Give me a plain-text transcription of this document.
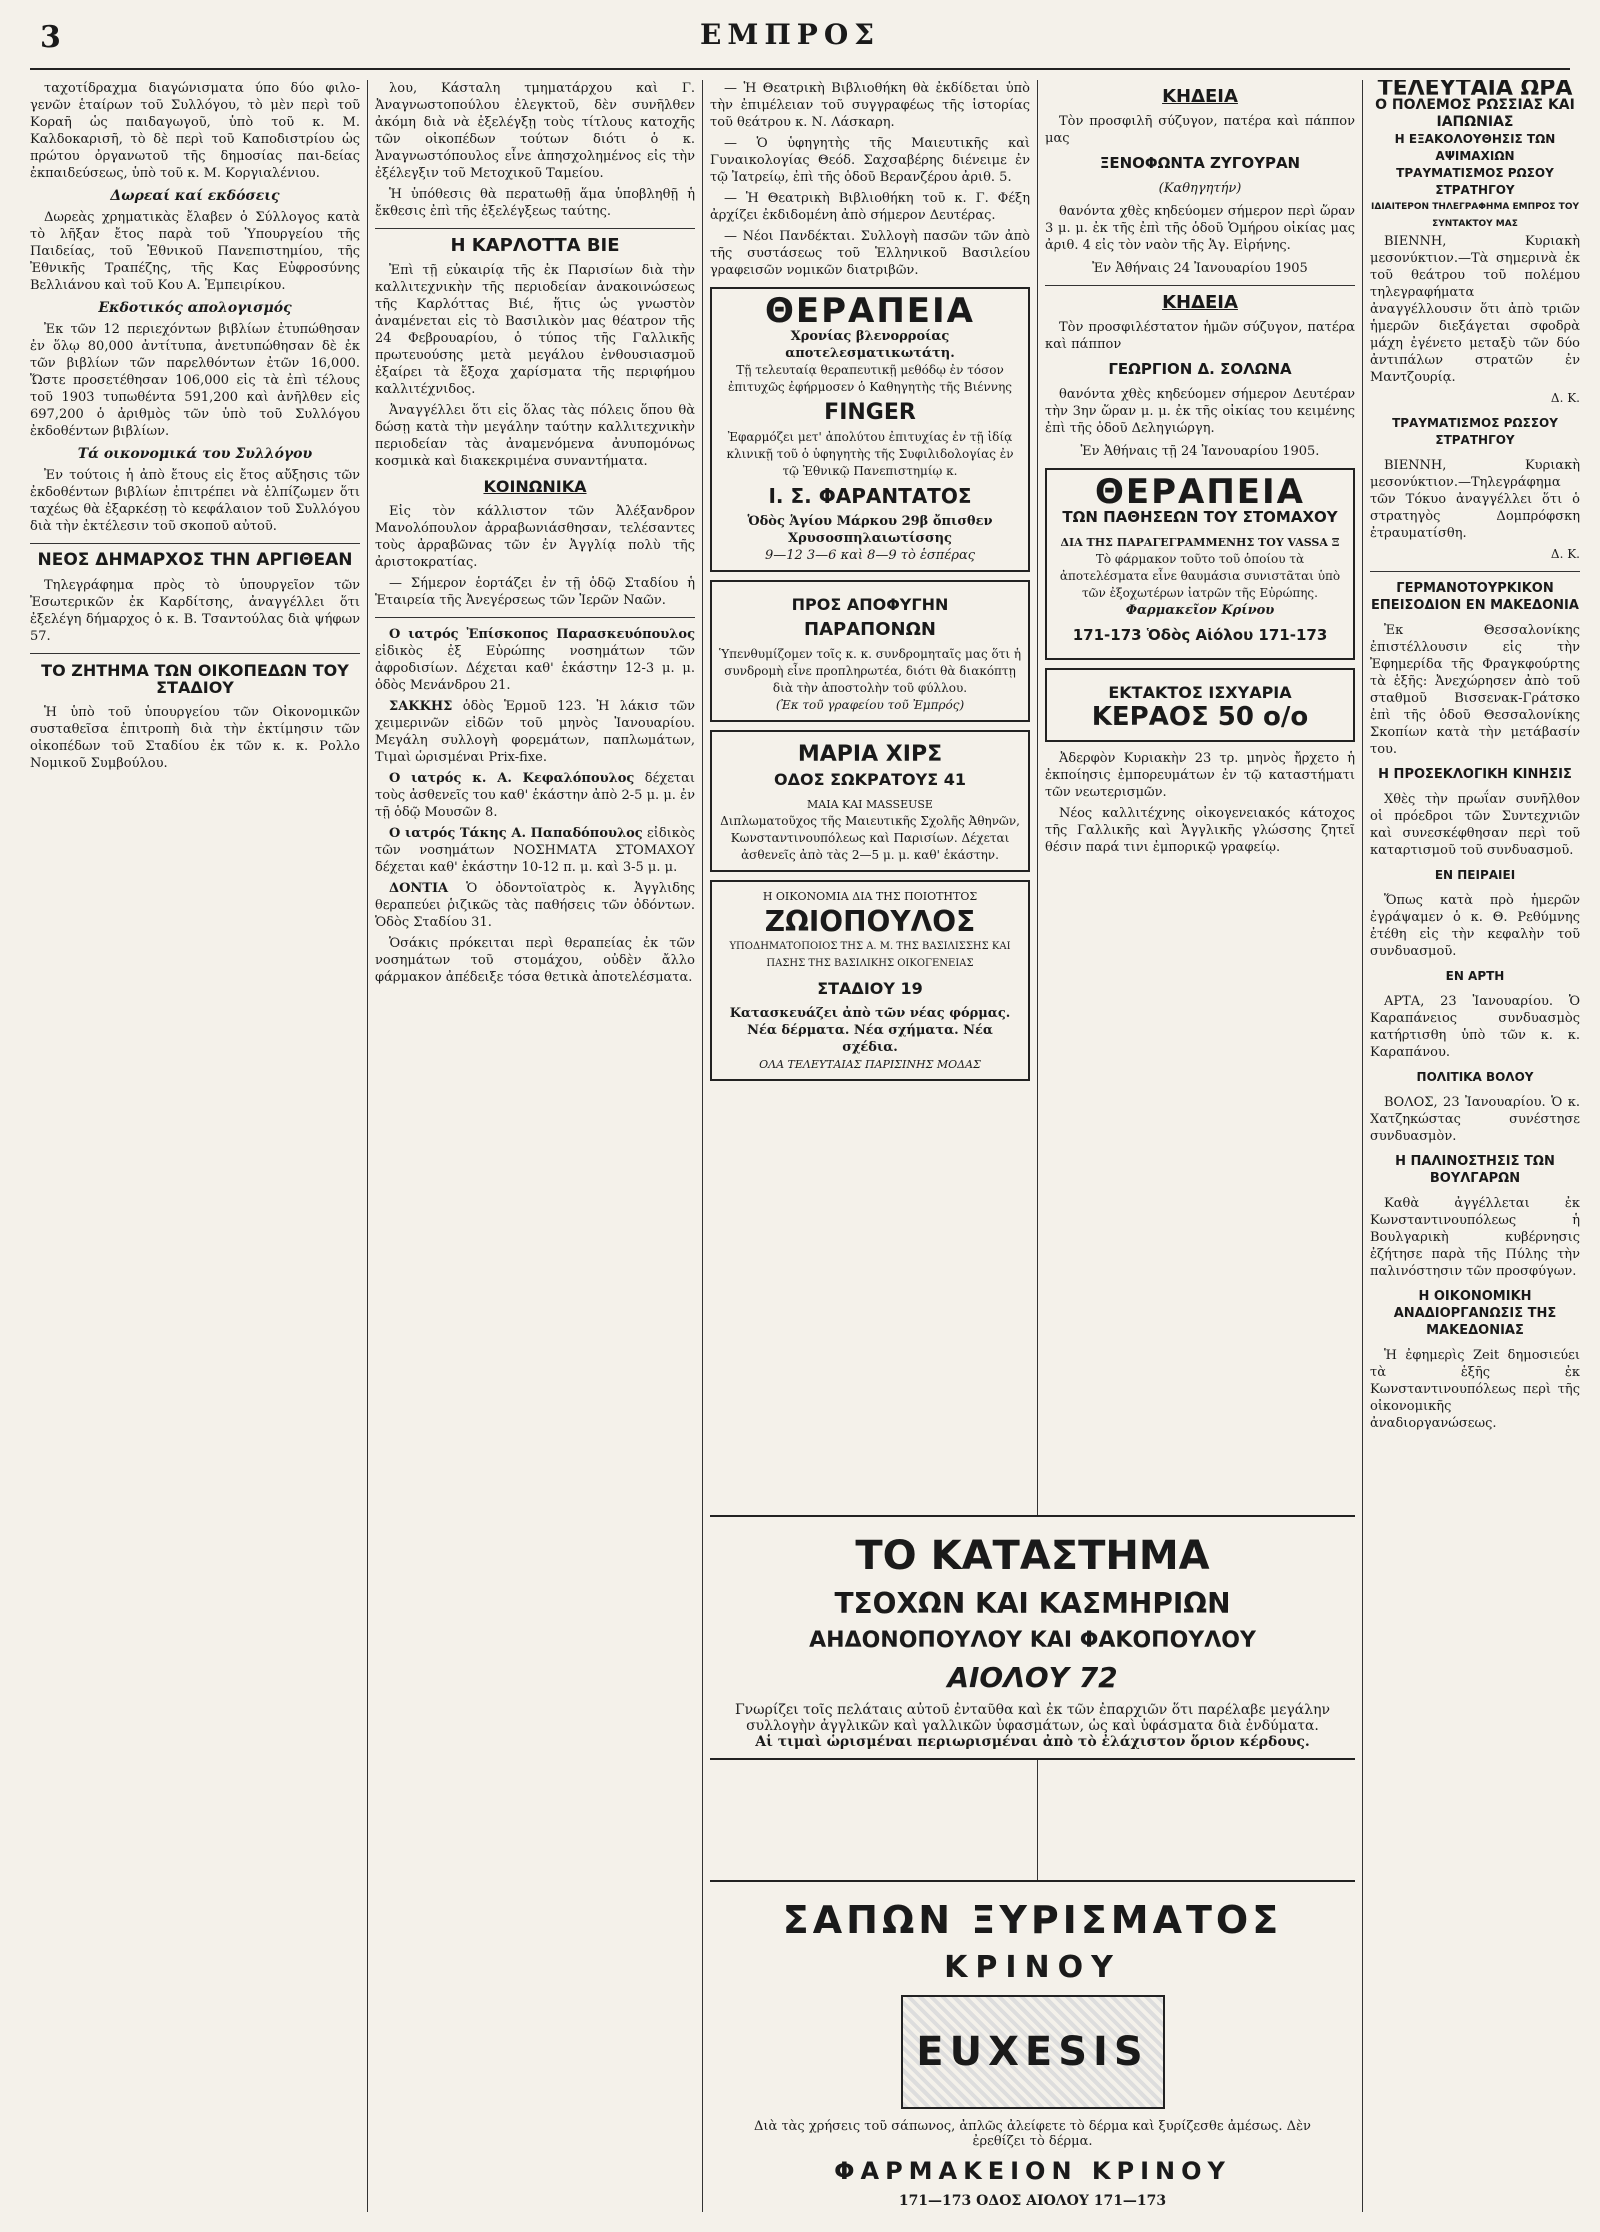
3	ΕΜΠΡΟΣ

ταχοτίδραχμα διαγώνισματα ύπο δύο φιλο-γενῶν ἑταίρων τοῦ Συλλόγου, τὸ μὲν περὶ τοῦ Κοραῆ ὡς παιδαγωγοῦ, ὑπὸ τοῦ κ. Μ. Καλδοκαρισῆ, τὸ δὲ περὶ τοῦ Καποδιστρίου ὡς πρώτου ὀργανωτοῦ τῆς δημοσίας παι-δείας ἐκπαιδεύσεως, ὑπὸ τοῦ κ. Μ. Κοργιαλένιου.

Δωρεαί καί εκδόσεις

Δωρεὰς χρηματικὰς ἔλαβεν ὁ Σύλλογος κατὰ τὸ λῆξαν ἔτος παρὰ τοῦ Ὑπουργείου τῆς Παιδείας, τοῦ Ἐθνικοῦ Πανεπιστημίου, τῆς Ἐθνικῆς Τραπέζης, τῆς Κας Εὐφροσύνης Βελλιάνου καὶ τοῦ Κου Α. Ἐμπειρίκου.

Εκδοτικός απολογισμός

Ἐκ τῶν 12 περιεχόντων βιβλίων ἐτυπώθησαν ἐν ὅλῳ 80,000 ἀντίτυπα, ἀνετυπώθησαν δὲ ἐκ τῶν βιβλίων τῶν παρελθόντων ἐτῶν 16,000. Ὥστε προσετέθησαν 106,000 εἰς τὰ ἐπὶ τέλους τοῦ 1903 τυπωθέντα 591,200 καὶ ἀνῆλθεν εἰς 697,200 ὁ ἀριθμὸς τῶν ὑπὸ τοῦ Συλλόγου ἐκδοθέντων βιβλίων.

Τά οικονομικά του Συλλόγου

Ἐν τούτοις ἡ ἀπὸ ἔτους εἰς ἔτος αὔξησις τῶν ἐκδοθέντων βιβλίων ἐπιτρέπει νὰ ἐλπίζωμεν ὅτι ταχέως θὰ ἐξαρκέσῃ τὸ κεφάλαιον τοῦ Συλλόγου διὰ τὴν ἐκτέλεσιν τοῦ σκοποῦ αὐτοῦ.

ΝΕΟΣ ΔΗΜΑΡΧΟΣ ΤΗΝ ΑΡΓΙΘΕΑΝ

Τηλεγράφημα πρὸς τὸ ὑπουργεῖον τῶν Ἐσωτερικῶν ἐκ Καρδίτσης, ἀναγγέλλει ὅτι ἐξελέγη δήμαρχος ὁ κ. Β. Τσαντούλας διὰ ψήφων 57.

ΤΟ ΖΗΤΗΜΑ ΤΩΝ ΟΙΚΟΠΕΔΩΝ ΤΟΥ ΣΤΑΔΙΟΥ

Ἡ ὑπὸ τοῦ ὑπουργείου τῶν Οἰκονομικῶν συσταθεῖσα ἐπιτροπὴ διὰ τὴν ἐκτίμησιν τῶν οἰκοπέδων τοῦ Σταδίου ἐκ τῶν κ. κ. Ρολλο Νομικοῦ Συμβούλου.

λου, Κάσταλη τμηματάρχου καὶ Γ. Ἀναγνωστοπούλου ἐλεγκτοῦ, δὲν συνῆλθεν ἀκόμη διὰ νὰ ἐξελέγξῃ τοὺς τίτλους κατοχῆς τῶν οἰκοπέδων τούτων διότι ὁ κ. Ἀναγνωστόπουλος εἶνε ἀπησχολημένος εἰς τὴν ἐξέλεγξιν τοῦ Μετοχικοῦ Ταμείου.

Ἡ ὑπόθεσις θὰ περατωθῇ ἅμα ὑποβληθῇ ἡ ἔκθεσις ἐπὶ τῆς ἐξελέγξεως ταύτης.

Η ΚΑΡΛΟΤΤΑ ΒΙΕ

Ἐπὶ τῇ εὐκαιρίᾳ τῆς ἐκ Παρισίων διὰ τὴν καλλιτεχνικὴν τῆς περιοδείαν ἀνακοινώσεως τῆς Καρλόττας Βιέ, ἥτις ὡς γνωστὸν ἀναμένεται εἰς τὸ Βασιλικὸν μας θέατρον τῆς 24 Φεβρουαρίου, ὁ τύπος τῆς Γαλλικῆς πρωτευούσης μετὰ μεγάλου ἐνθουσιασμοῦ ἐξαίρει τὰ ἔξοχα χαρίσματα τῆς περιφήμου καλλιτέχνιδος.

Ἀναγγέλλει ὅτι εἰς ὅλας τὰς πόλεις ὅπου θὰ δώσῃ κατὰ τὴν μεγάλην ταύτην καλλιτεχνικὴν περιοδείαν τὰς ἀναμενόμενα ἀνυπομόνως κοσμικὰ καὶ διακεκριμένα συναντήματα.

ΚΟΙΝΩΝΙΚΑ

Εἰς τὸν κάλλιστον τῶν Ἀλέξανδρον Μανολόπουλον ἀρραβωνιάσθησαν, τελέσαντες τοὺς ἀρραβῶνας τῶν ἐν Ἀγγλίᾳ πολὺ τῆς ἀριστοκρατίας.

— Σήμερον ἑορτάζει ἐν τῇ ὁδῷ Σταδίου ἡ Ἑταιρεία τῆς Ἀνεγέρσεως τῶν Ἱερῶν Ναῶν.

Ο ιατρός Ἐπίσκοπος Παρασκευόπουλος εἰδικὸς ἐξ Εὐρώπης νοσημάτων τῶν ἀφροδισίων. Δέχεται καθ' ἑκάστην 12-3 μ. μ. ὁδὸς Μενάνδρου 21.

ΣΑΚΚΗΣ ὁδὸς Ἑρμοῦ 123. Ἡ λάκισ τῶν χειμερινῶν εἰδῶν τοῦ μηνὸς Ἰανουαρίου. Μεγάλη συλλογὴ φορεμάτων, παπλωμάτων, Τιμαὶ ὡρισμέναι Prix-fixe.

Ο ιατρός κ. Α. Κεφαλόπουλος δέχεται τοὺς ἀσθενεῖς του καθ' ἑκάστην ἀπὸ 2-5 μ. μ. ἐν τῇ ὁδῷ Μουσῶν 8.

Ο ιατρός Τάκης Α. Παπαδόπουλος εἰδικὸς τῶν νοσημάτων ΝΟΣΗΜΑΤΑ ΣΤΟΜΑΧΟΥ δέχεται καθ' ἑκάστην 10-12 π. μ. καὶ 3-5 μ. μ.

ΔΟΝΤΙΑ Ὁ ὀδοντοϊατρὸς κ. Ἀγγλιδης θεραπεύει ῥιζικῶς τὰς παθήσεις τῶν ὀδόντων. Ὁδὸς Σταδίου 31.

Ὁσάκις πρόκειται περὶ θεραπείας ἐκ τῶν νοσημάτων τοῦ στομάχου, οὐδὲν ἄλλο φάρμακον ἀπέδειξε τόσα θετικὰ ἀποτελέσματα.

— Ἡ Θεατρικὴ Βιβλιοθήκη θὰ ἐκδίδεται ὑπὸ τὴν ἐπιμέλειαν τοῦ συγγραφέως τῆς ἱστορίας τοῦ θεάτρου κ. Ν. Λάσκαρη.

— Ὁ ὑφηγητὴς τῆς Μαιευτικῆς καὶ Γυναικολογίας Θεόδ. Σαχσαβέρης διένειμε ἐν τῷ Ἰατρείῳ, ἐπὶ τῆς ὁδοῦ Βερανζέρου ἀριθ. 5.

— Ἡ Θεατρικὴ Βιβλιοθήκη τοῦ κ. Γ. Φέξη ἀρχίζει ἐκδιδομένη ἀπὸ σήμερον Δευτέρας.

— Νέοι Πανδέκται. Συλλογὴ πασῶν τῶν ἀπὸ τῆς συστάσεως τοῦ Ἑλληνικοῦ Βασιλείου γραφεισῶν νομικῶν διατριβῶν.

ΘΕΡΑΠΕΙΑ
Χρονίας βλενορροίας αποτελεσματικωτάτη.
Τῇ τελευταίᾳ θεραπευτικῇ μεθόδῳ ἐν τόσον ἐπιτυχῶς ἐφήρμοσεν ὁ Καθηγητὴς τῆς Βιέννης
FINGER
Ἐφαρμόζει μετ' ἀπολύτου ἐπιτυχίας ἐν τῇ ἰδίᾳ κλινικῇ τοῦ ὁ ὑφηγητὴς τῆς Συφιλιδολογίας ἐν τῷ Ἐθνικῷ Πανεπιστημίῳ κ.
Ι. Σ. ΦΑΡΑΝΤΑΤΟΣ
Ὁδὸς Ἁγίου Μάρκου 29β ὄπισθεν Χρυσοσπηλαιωτίσσης
9—12 3—6 καὶ 8—9 τὸ ἑσπέρας
ΠΡΟΣ ΑΠΟΦΥΓΗΝ
ΠΑΡΑΠΟΝΩΝ
Ὑπενθυμίζομεν τοῖς κ. κ. συνδρομηταῖς μας ὅτι ἡ συνδρομὴ εἶνε προπληρωτέα, διότι θὰ διακόπτῃ διὰ τὴν ἀποστολὴν τοῦ φύλλου.
(Ἐκ τοῦ γραφείου τοῦ Ἐμπρός)
ΜΑΡΙΑ ΧΙΡΣ
ΟΔΟΣ ΣΩΚΡΑΤΟΥΣ 41
ΜΑΙΑ ΚΑΙ MASSEUSE
Διπλωματοῦχος τῆς Μαιευτικῆς Σχολῆς Ἀθηνῶν, Κωνσταντινουπόλεως καὶ Παρισίων. Δέχεται ἀσθενεῖς ἀπὸ τὰς 2—5 μ. μ. καθ' ἑκάστην.
Η ΟΙΚΟΝΟΜΙΑ ΔΙΑ ΤΗΣ ΠΟΙΟΤΗΤΟΣ
ΖΩΙΟΠΟΥΛΟΣ
ΥΠΟΔΗΜΑΤΟΠΟΙΟΣ ΤΗΣ Α. Μ. ΤΗΣ ΒΑΣΙΛΙΣΣΗΣ ΚΑΙ ΠΑΣΗΣ ΤΗΣ ΒΑΣΙΛΙΚΗΣ ΟΙΚΟΓΕΝΕΙΑΣ
ΣΤΑΔΙΟΥ 19
Κατασκευάζει ἀπὸ τῶν νέας φόρμας. Νέα δέρματα. Νέα σχήματα. Νέα σχέδια.
ΟΛΑ ΤΕΛΕΥΤΑΙΑΣ ΠΑΡΙΣΙΝΗΣ ΜΟΔΑΣ
ΚΗΔΕΙΑ

Τὸν προσφιλῆ σύζυγον, πατέρα καὶ πάππον μας

ΞΕΝΟΦΩΝΤΑ ΖΥΓΟΥΡΑΝ
(Καθηγητήν)

θανόντα χθὲς κηδεύομεν σήμερον περὶ ὥραν 3 μ. μ. ἐκ τῆς ἐπὶ τῆς ὁδοῦ Ὁμήρου οἰκίας μας ἀριθ. 4 εἰς τὸν ναὸν τῆς Ἁγ. Εἰρήνης.

Ἐν Ἀθήναις 24 Ἰανουαρίου 1905
ΚΗΔΕΙΑ

Τὸν προσφιλέστατον ἡμῶν σύζυγον, πατέρα καὶ πάππον

ΓΕΩΡΓΙΟΝ Δ. ΣΟΛΩΝΑ

θανόντα χθὲς κηδεύομεν σήμερον Δευτέραν τὴν 3ην ὥραν μ. μ. ἐκ τῆς οἰκίας του κειμένης ἐπὶ τῆς ὁδοῦ Δεληγιώργη.

Ἐν Ἀθήναις τῇ 24 Ἰανουαρίου 1905.
ΘΕΡΑΠΕΙΑ
ΤΩΝ ΠΑΘΗΣΕΩΝ ΤΟΥ ΣΤΟΜΑΧΟΥ
ΔΙΑ ΤΗΣ ΠΑΡΑΓΕΓΡΑΜΜΕΝΗΣ ΤΟΥ VASSA Ξ
Τὸ φάρμακον τοῦτο τοῦ ὁποίου τὰ ἀποτελέσματα εἶνε θαυμάσια συνιστᾶται ὑπὸ τῶν ἐξοχωτέρων ἰατρῶν τῆς Εὐρώπης.
Φαρμακεῖον Κρίνου
171-173 Ὁδὸς Αἰόλου 171-173
ΕΚΤΑΚΤΟΣ ΙΣΧΥΑΡΙΑ
ΚΕΡΑΟΣ 50 ο/ο

Ἀδερφὸν Κυριακὴν 23 τρ. μηνὸς ἤρχετο ἡ ἐκποίησις ἐμπορευμάτων ἐν τῷ καταστήματι τῶν νεωτερισμῶν.

Νέος καλλιτέχνης οἰκογενειακός κάτοχος τῆς Γαλλικῆς καὶ Ἀγγλικῆς γλώσσης ζητεῖ θέσιν παρά τινι ἐμπορικῷ γραφείῳ.

ΤΕΛΕΥΤΑΙΑ ΩΡΑ
Ο ΠΟΛΕΜΟΣ ΡΩΣΣΙΑΣ ΚΑΙ ΙΑΠΩΝΙΑΣ
Η ΕΞΑΚΟΛΟΥΘΗΣΙΣ ΤΩΝ ΑΨΙΜΑΧΙΩΝ
ΤΡΑΥΜΑΤΙΣΜΟΣ ΡΩΣΟΥ ΣΤΡΑΤΗΓΟΥ
ΙΔΙΑΙΤΕΡΟΝ ΤΗΛΕΓΡΑΦΗΜΑ ΕΜΠΡΟΣ ΤΟΥ ΣΥΝΤΑΚΤΟΥ ΜΑΣ

ΒΙΕΝΝΗ, Κυριακὴ μεσονύκτιον.—Τὰ σημερινὰ ἐκ τοῦ θεάτρου τοῦ πολέμου τηλεγραφήματα ἀναγγέλλουσιν ὅτι ἀπὸ τριῶν ἡμερῶν διεξάγεται σφοδρὰ μάχη ἐγένετο μεταξὺ τῶν δύο ἀντιπάλων στρατῶν ἐν Μαντζουρίᾳ.

Δ. Κ.
ΤΡΑΥΜΑΤΙΣΜΟΣ ΡΩΣΣΟΥ ΣΤΡΑΤΗΓΟΥ

ΒΙΕΝΝΗ, Κυριακὴ μεσονύκτιον.—Τηλεγράφημα τῶν Τόκυο ἀναγγέλλει ὅτι ὁ στρατηγὸς Δομπρόφσκη ἐτραυματίσθη.

Δ. Κ.
ΓΕΡΜΑΝΟΤΟΥΡΚΙΚΟΝ ΕΠΕΙΣΟΔΙΟΝ ΕΝ ΜΑΚΕΔΟΝΙΑ

Ἐκ Θεσσαλονίκης ἐπιστέλλουσιν εἰς τὴν Ἐφημερίδα τῆς Φραγκφούρτης τὰ ἑξῆς: Ἀνεχώρησεν ἀπὸ τοῦ σταθμοῦ Βισσενακ-Γράτσκο ἐπὶ τῆς ὁδοῦ Θεσσαλονίκης Σκοπίων κατὰ τὴν μετάβασίν του.

Η ΠΡΟΣΕΚΛΟΓΙΚΗ ΚΙΝΗΣΙΣ

Χθὲς τὴν πρωΐαν συνῆλθον οἱ πρόεδροι τῶν Συντεχνιῶν καὶ συνεσκέφθησαν περὶ τοῦ καταρτισμοῦ τοῦ συνδυασμοῦ.

ΕΝ ΠΕΙΡΑΙΕΙ

Ὅπως κατὰ πρὸ ἡμερῶν ἐγράψαμεν ὁ κ. Θ. Ρεθύμνης ἐτέθη εἰς τὴν κεφαλὴν τοῦ συνδυασμοῦ.

ΕΝ ΑΡΤΗ

ΑΡΤΑ, 23 Ἰανουαρίου. Ὁ Καραπάνειος συνδυασμὸς κατήρτισθη ὑπὸ τῶν κ. κ. Καραπάνου.

ΠΟΛΙΤΙΚΑ ΒΟΛΟΥ

ΒΟΛΟΣ, 23 Ἰανουαρίου. Ὁ κ. Χατζηκώστας συνέστησε συνδυασμὸν.

Η ΠΑΛΙΝΟΣΤΗΣΙΣ ΤΩΝ ΒΟΥΛΓΑΡΩΝ

Καθὰ ἀγγέλλεται ἐκ Κωνσταντινουπόλεως ἡ Βουλγαρικὴ κυβέρνησις ἐζήτησε παρὰ τῆς Πύλης τὴν παλινόστησιν τῶν προσφύγων.

Η ΟΙΚΟΝΟΜΙΚΗ ΑΝΑΔΙΟΡΓΑΝΩΣΙΣ ΤΗΣ ΜΑΚΕΔΟΝΙΑΣ

Ἡ ἐφημερὶς Zeit δημοσιεύει τὰ ἑξῆς ἐκ Κωνσταντινουπόλεως περὶ τῆς οἰκονομικῆς ἀναδιοργανώσεως.

ΤΟ ΚΑΤΑΣΤΗΜΑ
ΤΣΟΧΩΝ ΚΑΙ ΚΑΣΜΗΡΙΩΝ
ΑΗΔΟΝΟΠΟΥΛΟΥ ΚΑΙ ΦΑΚΟΠΟΥΛΟΥ
ΑΙΟΛΟΥ 72
Γνωρίζει τοῖς πελάταις αὐτοῦ ἐνταῦθα καὶ ἐκ τῶν ἐπαρχιῶν ὅτι παρέλαβε μεγάλην συλλογὴν ἀγγλικῶν καὶ γαλλικῶν ὑφασμάτων, ὡς καὶ ὑφάσματα διὰ ἐνδύματα.
Αἱ τιμαὶ ὡρισμέναι περιωρισμέναι ἀπὸ τὸ ἐλάχιστον ὅριον κέρδους.
ΣΑΠΩΝ ΞΥΡΙΣΜΑΤΟΣ
ΚΡΙΝΟΥ
EUXESIS
Διὰ τὰς χρήσεις τοῦ σάπωνος, ἀπλῶς ἀλείφετε τὸ δέρμα καὶ ξυρίζεσθε ἀμέσως. Δὲν ἐρεθίζει τὸ δέρμα.
ΦΑΡΜΑΚΕΙΟΝ ΚΡΙΝΟΥ
171—173 ΟΔΟΣ ΑΙΟΛΟΥ 171—173
